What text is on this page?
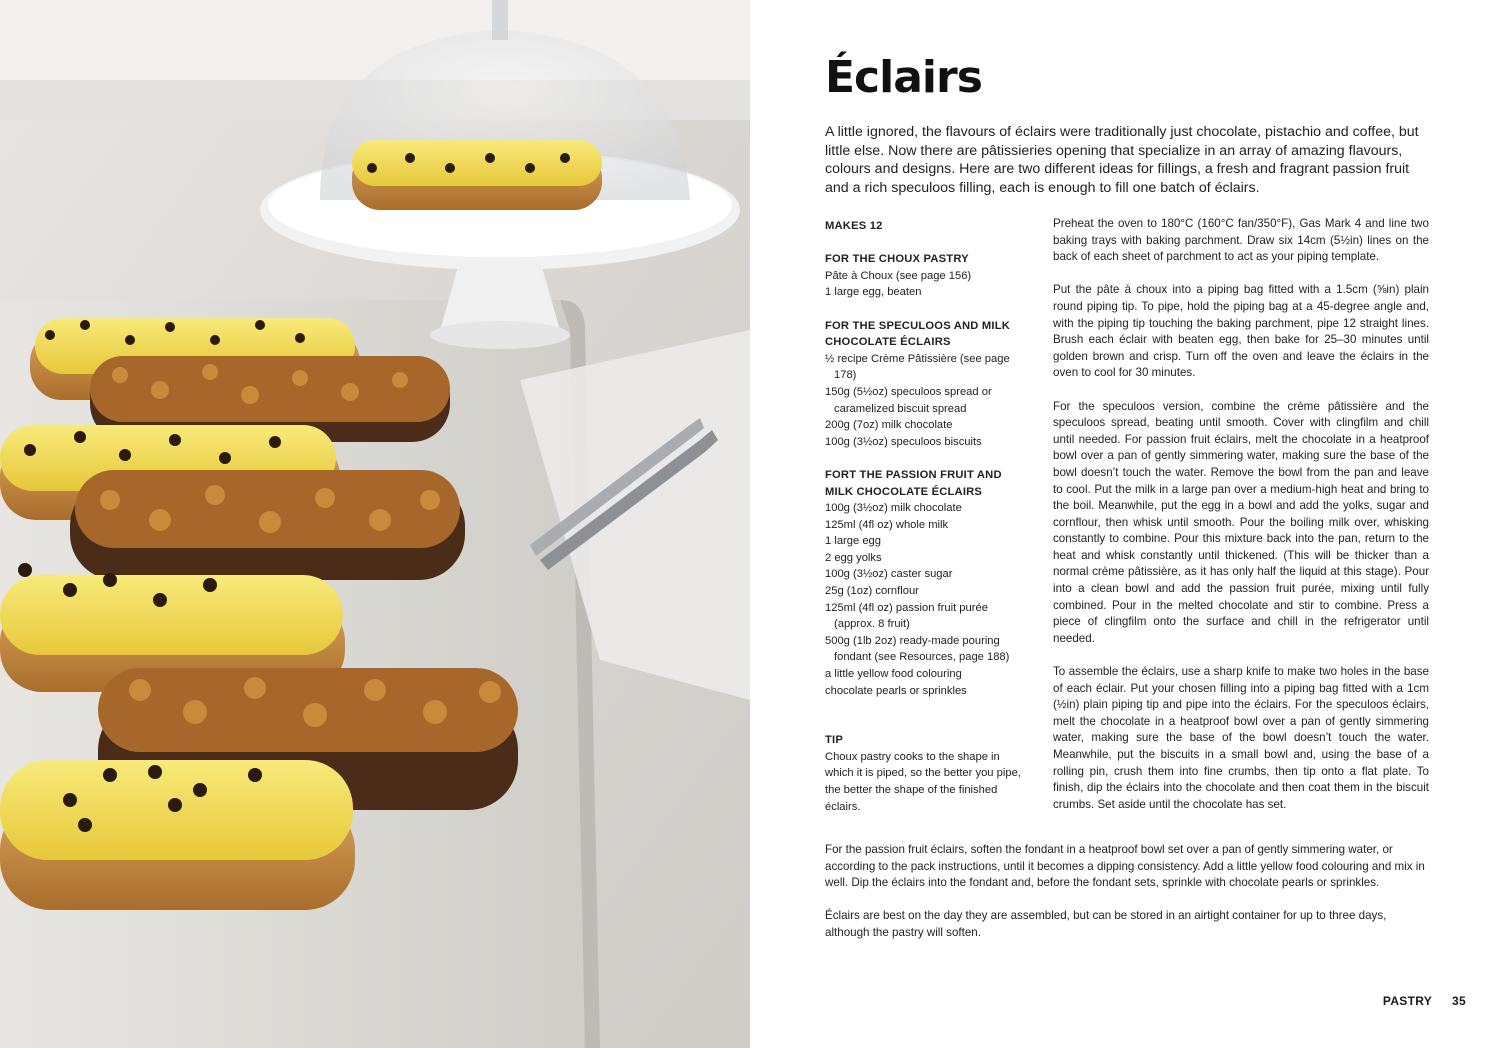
Éclairs

A little ignored, the flavours of éclairs were traditionally just chocolate, pistachio and coffee, but little else. Now there are pâtissieries opening that specialize in an array of amazing flavours, colours and designs. Here are two different ideas for fillings, a fresh and fragrant passion fruit and a rich speculoos filling, each is enough to fill one batch of éclairs.

MAKES 12

FOR THE CHOUX PASTRY

Pâte à Choux (see page 156)

1 large egg, beaten

FOR THE SPECULOOS AND MILK CHOCOLATE ÉCLAIRS

½ recipe Crème Pâtissière (see page 178)

150g (5½oz) speculoos spread or caramelized biscuit spread

200g (7oz) milk chocolate

100g (3½oz) speculoos biscuits

FORT THE PASSION FRUIT AND MILK CHOCOLATE ÉCLAIRS

100g (3½oz) milk chocolate

125ml (4fl oz) whole milk

1 large egg

2 egg yolks

100g (3½oz) caster sugar

25g (1oz) cornflour

125ml (4fl oz) passion fruit purée (approx. 8 fruit)

500g (1lb 2oz) ready-made pouring fondant (see Resources, page 188)

a little yellow food colouring

chocolate pearls or sprinkles

TIP

Choux pastry cooks to the shape in which it is piped, so the better you pipe, the better the shape of the finished éclairs.

Preheat the oven to 180°C (160°C fan/350°F), Gas Mark 4 and line two baking trays with baking parchment. Draw six 14cm (5½in) lines on the back of each sheet of parchment to act as your piping template.

Put the pâte à choux into a piping bag fitted with a 1.5cm (⅝in) plain round piping tip. To pipe, hold the piping bag at a 45-degree angle and, with the piping tip touching the baking parchment, pipe 12 straight lines. Brush each éclair with beaten egg, then bake for 25–30 minutes until golden brown and crisp. Turn off the oven and leave the éclairs in the oven to cool for 30 minutes.

For the speculoos version, combine the crème pâtissière and the speculoos spread, beating until smooth. Cover with clingfilm and chill until needed. For passion fruit éclairs, melt the chocolate in a heatproof bowl over a pan of gently simmering water, making sure the base of the bowl doesn’t touch the water. Remove the bowl from the pan and leave to cool. Put the milk in a large pan over a medium-high heat and bring to the boil. Meanwhile, put the egg in a bowl and add the yolks, sugar and cornflour, then whisk until smooth. Pour the boiling milk over, whisking constantly to combine. Pour this mixture back into the pan, return to the heat and whisk constantly until thickened. (This will be thicker than a normal crème pâtissière, as it has only half the liquid at this stage). Pour into a clean bowl and add the passion fruit purée, mixing until fully combined. Pour in the melted chocolate and stir to combine. Press a piece of clingfilm onto the surface and chill in the refrigerator until needed.

To assemble the éclairs, use a sharp knife to make two holes in the base of each éclair. Put your chosen filling into a piping bag fitted with a 1cm (½in) plain piping tip and pipe into the éclairs. For the speculoos éclairs, melt the chocolate in a heatproof bowl over a pan of gently simmering water, making sure the base of the bowl doesn’t touch the water. Meanwhile, put the biscuits in a small bowl and, using the base of a rolling pin, crush them into fine crumbs, then tip onto a flat plate. To finish, dip the éclairs into the chocolate and then coat them in the biscuit crumbs. Set aside until the chocolate has set.

For the passion fruit éclairs, soften the fondant in a heatproof bowl set over a pan of gently simmering water, or according to the pack instructions, until it becomes a dipping consistency. Add a little yellow food colouring and mix in well. Dip the éclairs into the fondant and, before the fondant sets, sprinkle with chocolate pearls or sprinkles.

Éclairs are best on the day they are assembled, but can be stored in an airtight container for up to three days, although the pastry will soften.

PASTRY 35
